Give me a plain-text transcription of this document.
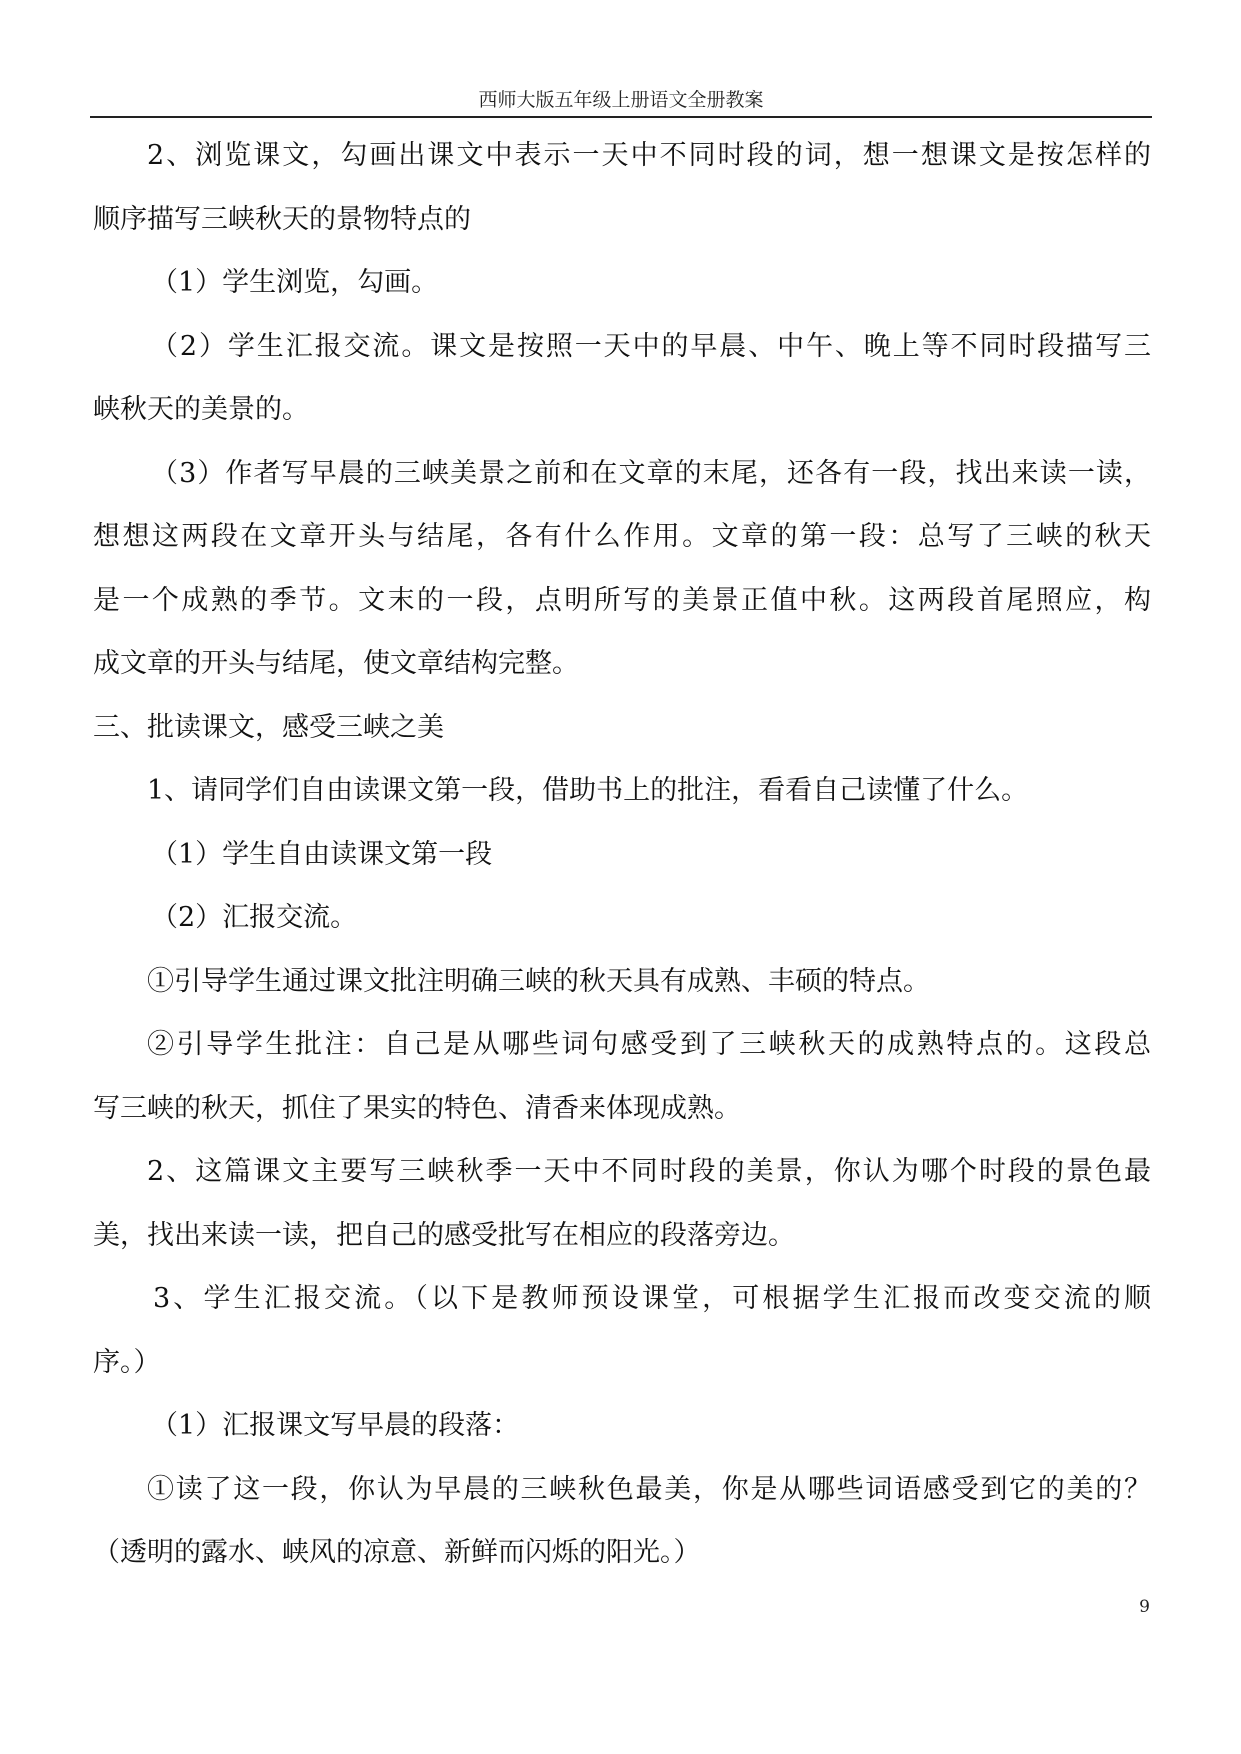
西师大版五年级上册语文全册教案
2、浏览课文，勾画出课文中表示一天中不同时段的词，想一想课文是按怎样的
顺序描写三峡秋天的景物特点的
（1）学生浏览，勾画。
（2）学生汇报交流。课文是按照一天中的早晨、中午、晚上等不同时段描写三
峡秋天的美景的。
（3）作者写早晨的三峡美景之前和在文章的末尾，还各有一段，找出来读一读，
想想这两段在文章开头与结尾，各有什么作用。文章的第一段：总写了三峡的秋天
是一个成熟的季节。文末的一段，点明所写的美景正值中秋。这两段首尾照应，构
成文章的开头与结尾，使文章结构完整。
三、批读课文，感受三峡之美
1、请同学们自由读课文第一段，借助书上的批注，看看自己读懂了什么。
（1）学生自由读课文第一段
（2）汇报交流。
①引导学生通过课文批注明确三峡的秋天具有成熟、丰硕的特点。
②引导学生批注：自己是从哪些词句感受到了三峡秋天的成熟特点的。这段总
写三峡的秋天，抓住了果实的特色、清香来体现成熟。
2、这篇课文主要写三峡秋季一天中不同时段的美景，你认为哪个时段的景色最
美，找出来读一读，把自己的感受批写在相应的段落旁边。
3、学生汇报交流。（以下是教师预设课堂，可根据学生汇报而改变交流的顺
序。）
（1）汇报课文写早晨的段落：
①读了这一段，你认为早晨的三峡秋色最美，你是从哪些词语感受到它的美的？
（透明的露水、峡风的凉意、新鲜而闪烁的阳光。）
9
